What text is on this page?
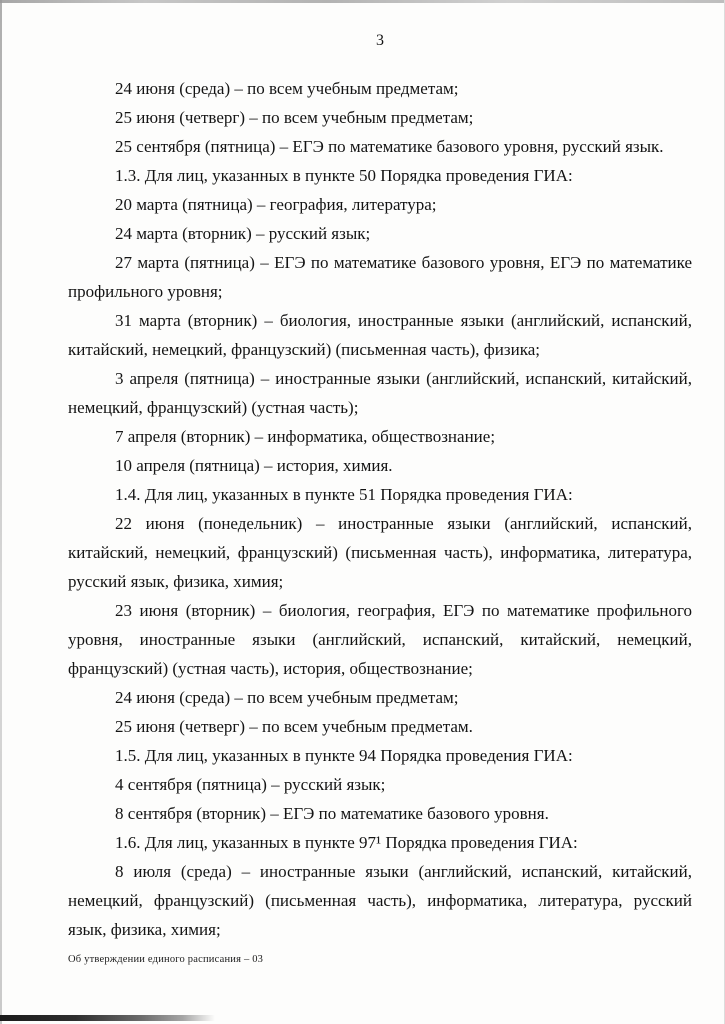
3

24 июня (среда) – по всем учебным предметам;

25 июня (четверг) – по всем учебным предметам;

25 сентября (пятница) – ЕГЭ по математике базового уровня, русский язык.

1.3. Для лиц, указанных в пункте 50 Порядка проведения ГИА:

20 марта (пятница) – география, литература;

24 марта (вторник) – русский язык;

27 марта (пятница) – ЕГЭ по математике базового уровня, ЕГЭ по математике профильного уровня;

31 марта (вторник) – биология, иностранные языки (английский, испанский, китайский, немецкий, французский) (письменная часть), физика;

3 апреля (пятница) – иностранные языки (английский, испанский, китайский, немецкий, французский) (устная часть);

7 апреля (вторник) – информатика, обществознание;

10 апреля (пятница) – история, химия.

1.4. Для лиц, указанных в пункте 51 Порядка проведения ГИА:

22 июня (понедельник) – иностранные языки (английский, испанский, китайский, немецкий, французский) (письменная часть), информатика, литература, русский язык, физика, химия;

23 июня (вторник) – биология, география, ЕГЭ по математике профильного уровня, иностранные языки (английский, испанский, китайский, немецкий, французский) (устная часть), история, обществознание;

24 июня (среда) – по всем учебным предметам;

25 июня (четверг) – по всем учебным предметам.

1.5. Для лиц, указанных в пункте 94 Порядка проведения ГИА:

4 сентября (пятница) – русский язык;

8 сентября (вторник) – ЕГЭ по математике базового уровня.

1.6. Для лиц, указанных в пункте 97¹ Порядка проведения ГИА:

8 июля (среда) – иностранные языки (английский, испанский, китайский, немецкий, французский) (письменная часть), информатика, литература, русский язык, физика, химия;

Об утверждении единого расписания – 03
